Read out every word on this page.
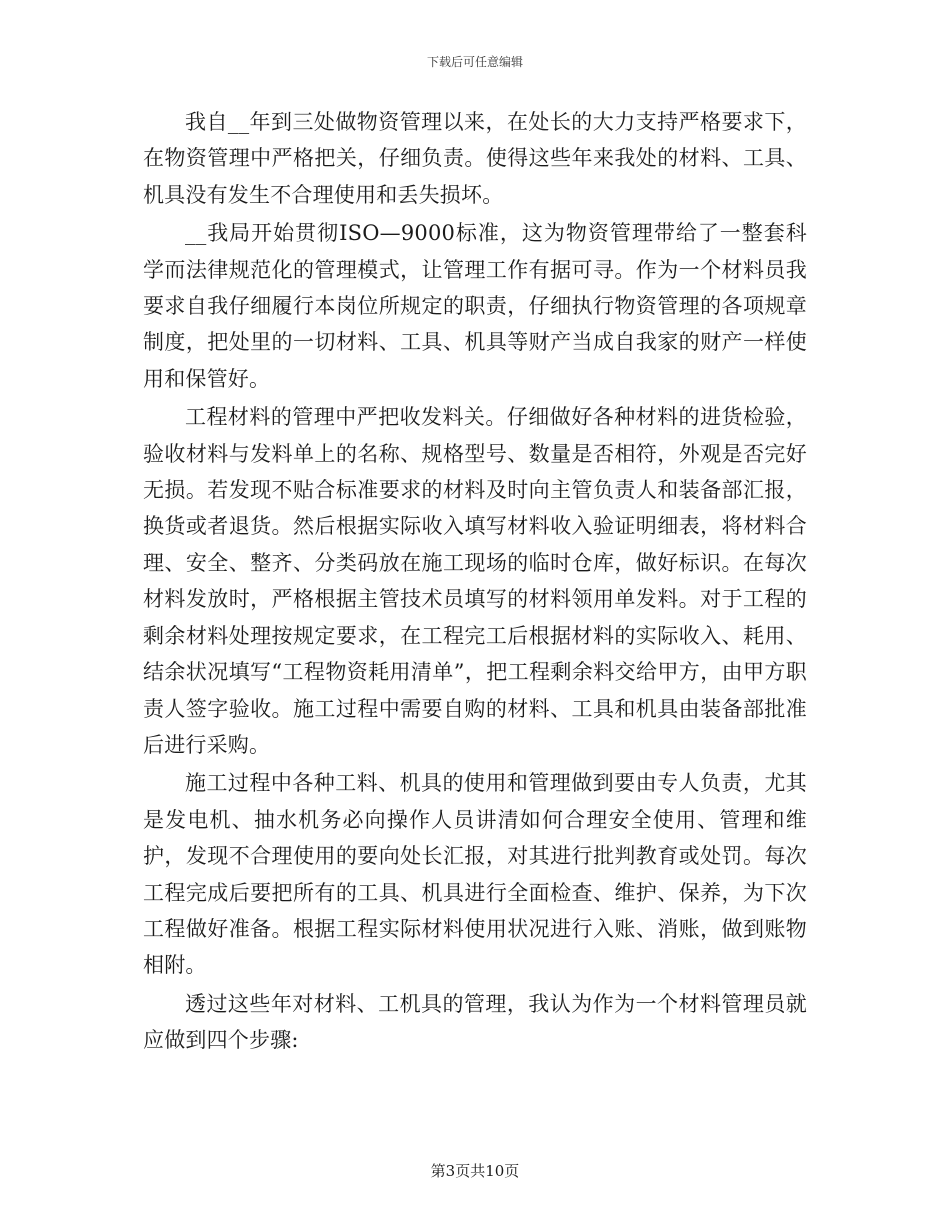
下载后可任意编辑

我自__年到三处做物资管理以来，在处长的大力支持严格要求下，在物资管理中严格把关，仔细负责。使得这些年来我处的材料、工具、机具没有发生不合理使用和丢失损坏。

__我局开始贯彻ISO—9000标准，这为物资管理带给了一整套科学而法律规范化的管理模式，让管理工作有据可寻。作为一个材料员我要求自我仔细履行本岗位所规定的职责，仔细执行物资管理的各项规章制度，把处里的一切材料、工具、机具等财产当成自我家的财产一样使用和保管好。

工程材料的管理中严把收发料关。仔细做好各种材料的进货检验，验收材料与发料单上的名称、规格型号、数量是否相符，外观是否完好无损。若发现不贴合标准要求的材料及时向主管负责人和装备部汇报，换货或者退货。然后根据实际收入填写材料收入验证明细表，将材料合理、安全、整齐、分类码放在施工现场的临时仓库，做好标识。在每次材料发放时，严格根据主管技术员填写的材料领用单发料。对于工程的剩余材料处理按规定要求，在工程完工后根据材料的实际收入、耗用、结余状况填写“工程物资耗用清单”，把工程剩余料交给甲方，由甲方职责人签字验收。施工过程中需要自购的材料、工具和机具由装备部批准后进行采购。

施工过程中各种工料、机具的使用和管理做到要由专人负责，尤其是发电机、抽水机务必向操作人员讲清如何合理安全使用、管理和维护，发现不合理使用的要向处长汇报，对其进行批判教育或处罚。每次工程完成后要把所有的工具、机具进行全面检查、维护、保养，为下次工程做好准备。根据工程实际材料使用状况进行入账、消账，做到账物相附。

透过这些年对材料、工机具的管理，我认为作为一个材料管理员就应做到四个步骤:

第3页共10页
